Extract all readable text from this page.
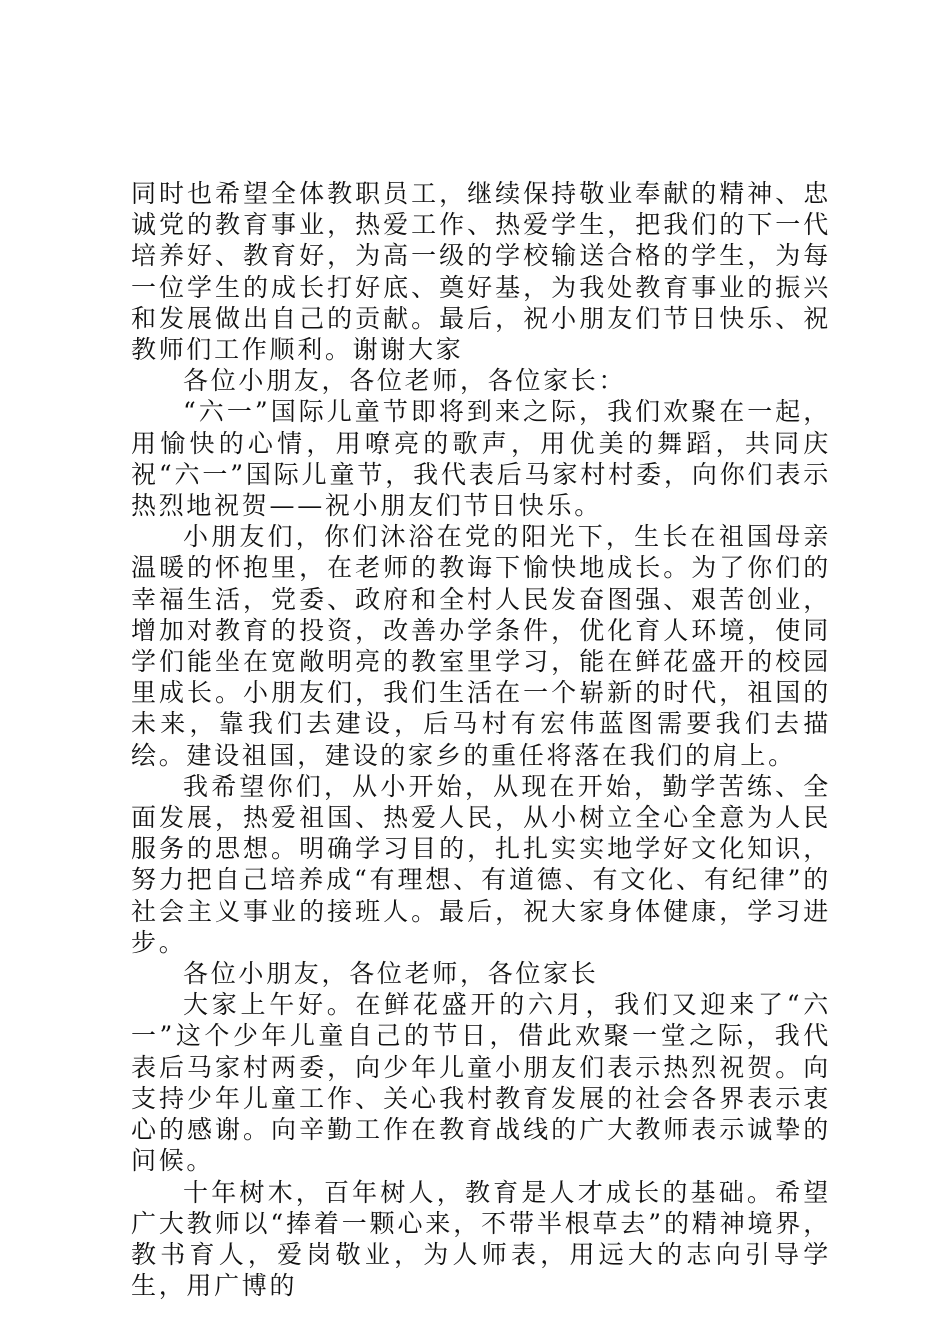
同时也希望全体教职员工，继续保持敬业奉献的精神、忠诚党的教育事业，热爱工作、热爱学生，把我们的下一代培养好、教育好，为高一级的学校输送合格的学生，为每一位学生的成长打好底、奠好基，为我处教育事业的振兴和发展做出自己的贡献。最后，祝小朋友们节日快乐、祝教师们工作顺利。谢谢大家

各位小朋友，各位老师，各位家长：

“六一”国际儿童节即将到来之际，我们欢聚在一起，用愉快的心情，用嘹亮的歌声，用优美的舞蹈，共同庆祝“六一”国际儿童节，我代表后马家村村委，向你们表示热烈地祝贺——祝小朋友们节日快乐。

小朋友们，你们沐浴在党的阳光下，生长在祖国母亲温暖的怀抱里，在老师的教诲下愉快地成长。为了你们的幸福生活，党委、政府和全村人民发奋图强、艰苦创业，增加对教育的投资，改善办学条件，优化育人环境，使同学们能坐在宽敞明亮的教室里学习，能在鲜花盛开的校园里成长。小朋友们，我们生活在一个崭新的时代，祖国的未来，靠我们去建设，后马村有宏伟蓝图需要我们去描绘。建设祖国，建设的家乡的重任将落在我们的肩上。

我希望你们，从小开始，从现在开始，勤学苦练、全面发展，热爱祖国、热爱人民，从小树立全心全意为人民服务的思想。明确学习目的，扎扎实实地学好文化知识，努力把自己培养成“有理想、有道德、有文化、有纪律”的社会主义事业的接班人。最后，祝大家身体健康，学习进步。

各位小朋友，各位老师，各位家长

大家上午好。在鲜花盛开的六月，我们又迎来了“六一”这个少年儿童自己的节日，借此欢聚一堂之际，我代表后马家村两委，向少年儿童小朋友们表示热烈祝贺。向支持少年儿童工作、关心我村教育发展的社会各界表示衷心的感谢。向辛勤工作在教育战线的广大教师表示诚挚的问候。

十年树木，百年树人，教育是人才成长的基础。希望广大教师以“捧着一颗心来，不带半根草去”的精神境界，教书育人，爱岗敬业，为人师表，用远大的志向引导学生，用广博的
